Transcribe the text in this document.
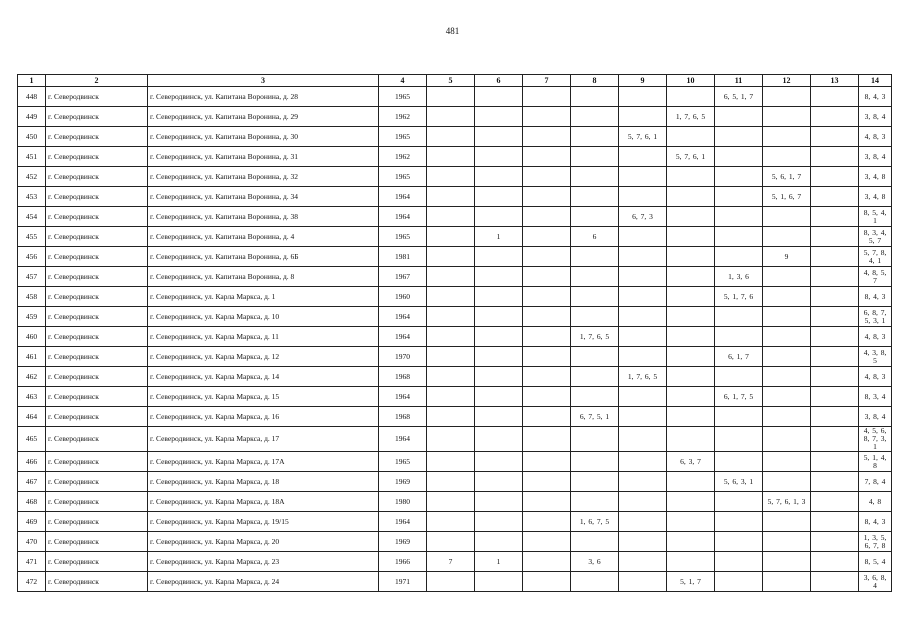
481
1	2	3	4	5	6	7	8	9	10	11	12	13	14
448	г. Северодвинск	г. Северодвинск, ул. Капитана Воронина, д. 28	1965							6, 5, 1, 7			8, 4, 3
449	г. Северодвинск	г. Северодвинск, ул. Капитана Воронина, д. 29	1962						1, 7, 6, 5				3, 8, 4
450	г. Северодвинск	г. Северодвинск, ул. Капитана Воронина, д. 30	1965					5, 7, 6, 1					4, 8, 3
451	г. Северодвинск	г. Северодвинск, ул. Капитана Воронина, д. 31	1962						5, 7, 6, 1				3, 8, 4
452	г. Северодвинск	г. Северодвинск, ул. Капитана Воронина, д. 32	1965								5, 6, 1, 7		3, 4, 8
453	г. Северодвинск	г. Северодвинск, ул. Капитана Воронина, д. 34	1964								5, 1, 6, 7		3, 4, 8
454	г. Северодвинск	г. Северодвинск, ул. Капитана Воронина, д. 38	1964					6, 7, 3					8, 5, 4, 1
455	г. Северодвинск	г. Северодвинск, ул. Капитана Воронина, д. 4	1965		1		6						8, 3, 4, 5, 7
456	г. Северодвинск	г. Северодвинск, ул. Капитана Воронина, д. 6Б	1981								9		5, 7, 8, 4, 1
457	г. Северодвинск	г. Северодвинск, ул. Капитана Воронина, д. 8	1967							1, 3, 6			4, 8, 5, 7
458	г. Северодвинск	г. Северодвинск, ул. Карла Маркса, д. 1	1960							5, 1, 7, 6			8, 4, 3
459	г. Северодвинск	г. Северодвинск, ул. Карла Маркса, д. 10	1964										6, 8, 7, 5, 3, 1
460	г. Северодвинск	г. Северодвинск, ул. Карла Маркса, д. 11	1964				1, 7, 6, 5						4, 8, 3
461	г. Северодвинск	г. Северодвинск, ул. Карла Маркса, д. 12	1970							6, 1, 7			4, 3, 8, 5
462	г. Северодвинск	г. Северодвинск, ул. Карла Маркса, д. 14	1968					1, 7, 6, 5					4, 8, 3
463	г. Северодвинск	г. Северодвинск, ул. Карла Маркса, д. 15	1964							6, 1, 7, 5			8, 3, 4
464	г. Северодвинск	г. Северодвинск, ул. Карла Маркса, д. 16	1968				6, 7, 5, 1						3, 8, 4
465	г. Северодвинск	г. Северодвинск, ул. Карла Маркса, д. 17	1964										4, 5, 6, 8, 7, 3, 1
466	г. Северодвинск	г. Северодвинск, ул. Карла Маркса, д. 17А	1965						6, 3, 7				5, 1, 4, 8
467	г. Северодвинск	г. Северодвинск, ул. Карла Маркса, д. 18	1969							5, 6, 3, 1			7, 8, 4
468	г. Северодвинск	г. Северодвинск, ул. Карла Маркса, д. 18А	1980								5, 7, 6, 1, 3		4, 8
469	г. Северодвинск	г. Северодвинск, ул. Карла Маркса, д. 19/15	1964				1, 6, 7, 5						8, 4, 3
470	г. Северодвинск	г. Северодвинск, ул. Карла Маркса, д. 20	1969										1, 3, 5, 6, 7, 8
471	г. Северодвинск	г. Северодвинск, ул. Карла Маркса, д. 23	1966	7	1		3, 6						8, 5, 4
472	г. Северодвинск	г. Северодвинск, ул. Карла Маркса, д. 24	1971						5, 1, 7				3, 6, 8, 4
